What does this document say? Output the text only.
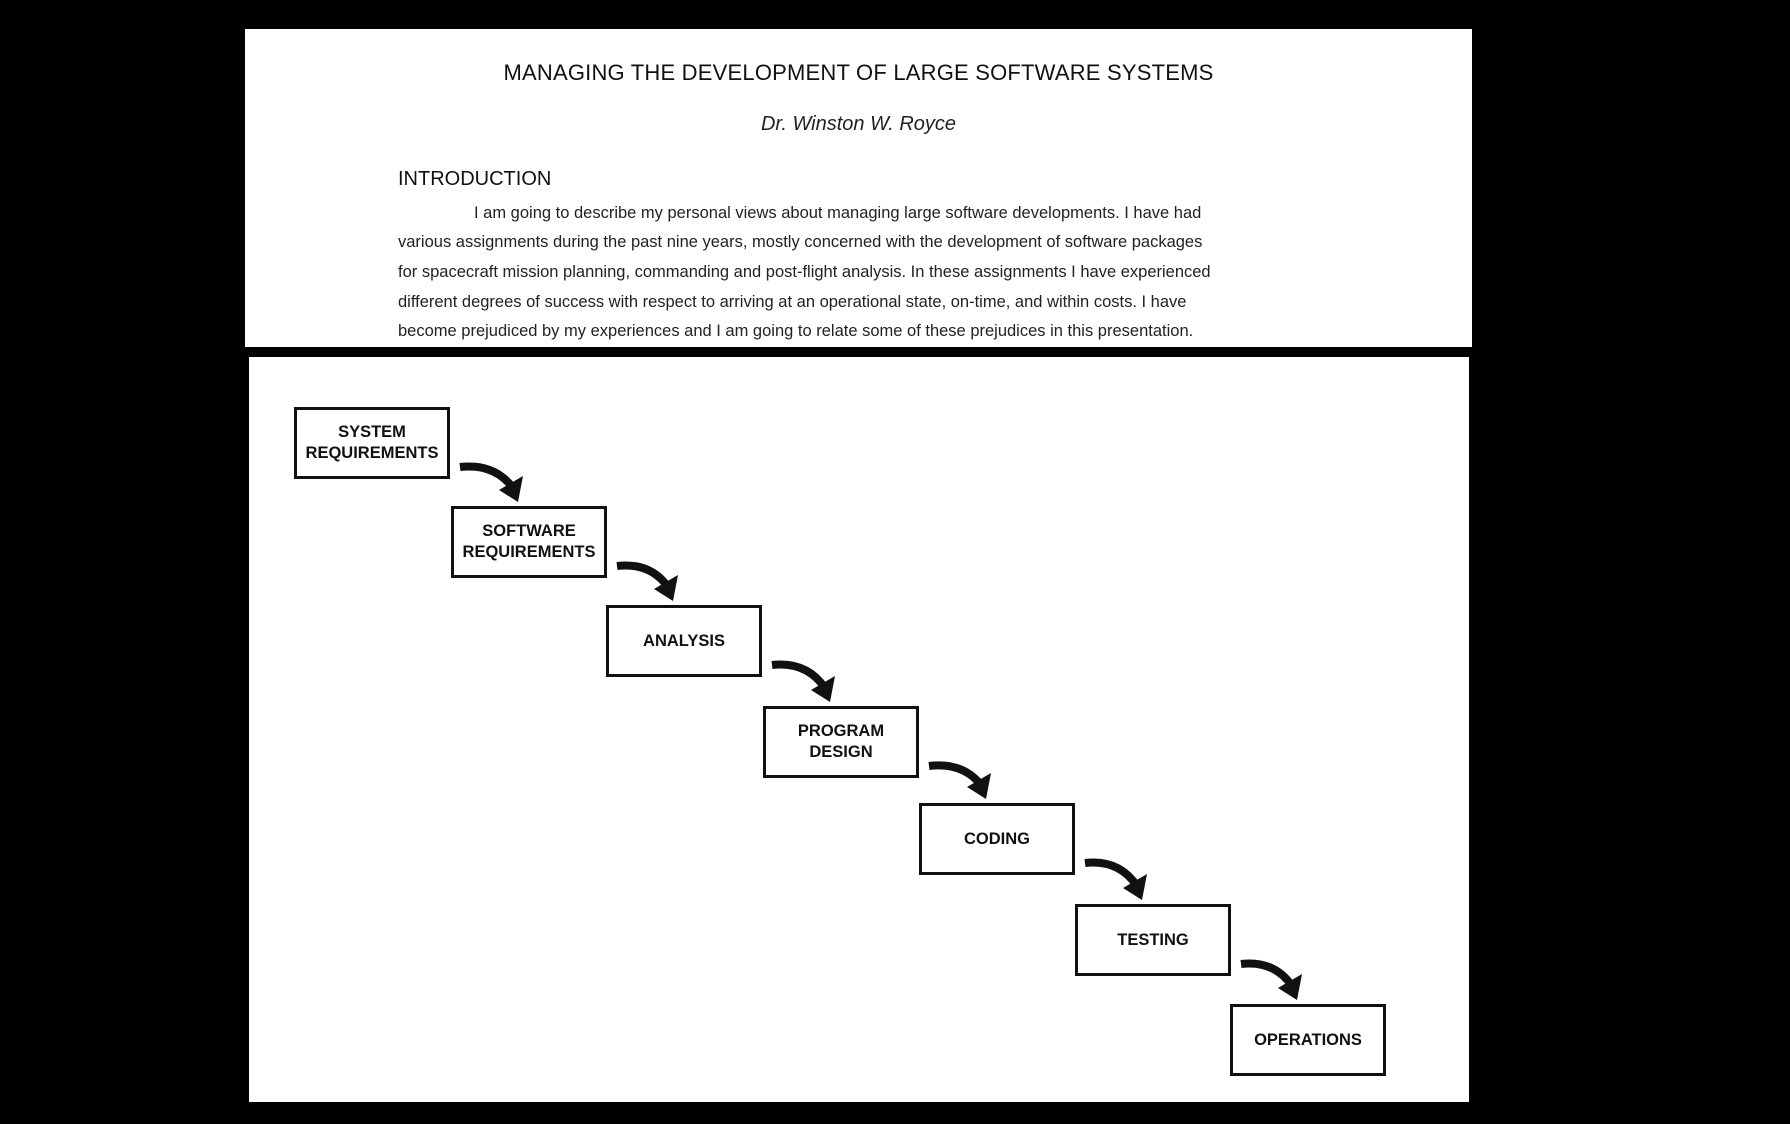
MANAGING THE DEVELOPMENT OF LARGE SOFTWARE SYSTEMS
Dr. Winston W. Royce
INTRODUCTION
I am going to describe my personal views about managing large software developments. I have had
various assignments during the past nine years, mostly concerned with the development of software packages
for spacecraft mission planning, commanding and post-flight analysis. In these assignments I have experienced
different degrees of success with respect to arriving at an operational state, on-time, and within costs. I have
become prejudiced by my experiences and I am going to relate some of these prejudices in this presentation.
SYSTEM
REQUIREMENTS
SOFTWARE
REQUIREMENTS
ANALYSIS
PROGRAM
DESIGN
CODING
TESTING
OPERATIONS
